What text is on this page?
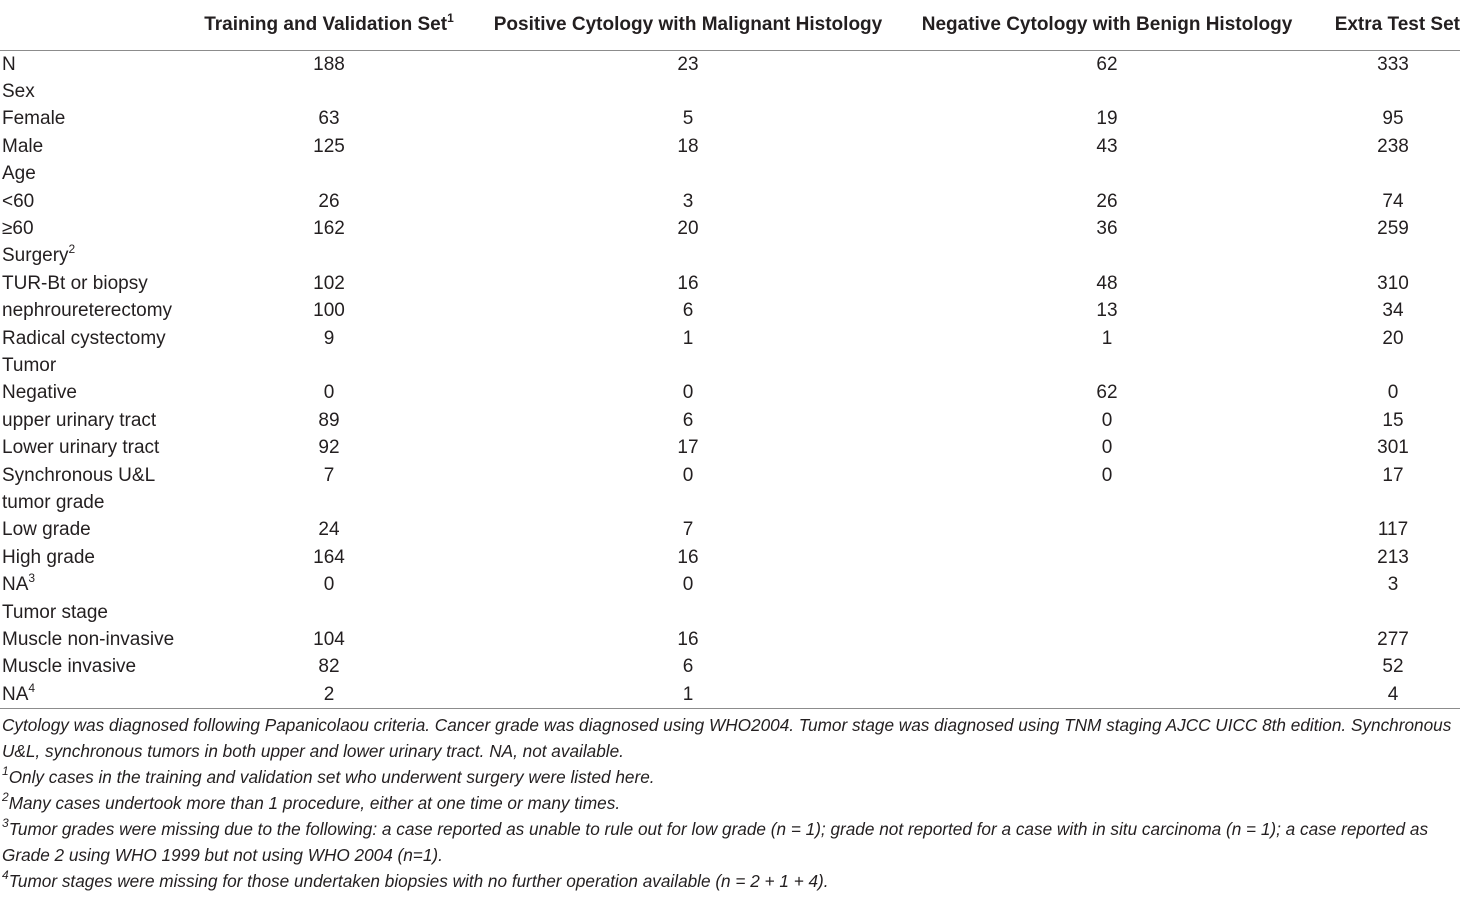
	Training and Validation Set$^1$	Positive Cytology with Malignant Histology	Negative Cytology with Benign Histology	Extra Test Set
N	188	23	62	333
Sex				
Female	63	5	19	95
Male	125	18	43	238
Age				
<60	26	3	26	74
≥60	162	20	36	259
Surgery$^2$				
TUR-Bt or biopsy	102	16	48	310
nephroureterectomy	100	6	13	34
Radical cystectomy	9	1	1	20
Tumor				
Negative	0	0	62	0
upper urinary tract	89	6	0	15
Lower urinary tract	92	17	0	301
Synchronous U&L	7	0	0	17
tumor grade				
Low grade	24	7		117
High grade	164	16		213
$NA^3$	0	0		3
Tumor stage				
Muscle non-invasive	104	16		277
Muscle invasive	82	6		52
$NA^4$	2	1		4

Cytology was diagnosed following Papanicolaou criteria. Cancer grade was diagnosed using WHO2004. Tumor stage was diagnosed using TNM staging AJCC UICC 8th edition. Synchronous U&L, synchronous tumors in both upper and lower urinary tract. NA, not available.

$^1$Only cases in the training and validation set who underwent surgery were listed here.

$^2$Many cases undertook more than 1 procedure, either at one time or many times.

$^3$Tumor grades were missing due to the following: a case reported as unable to rule out for low grade (n = 1); grade not reported for a case with in situ carcinoma (n = 1); a case reported as Grade 2 using WHO 1999 but not using WHO 2004 (n=1).

$^4$Tumor stages were missing for those undertaken biopsies with no further operation available (n = 2 + 1 + 4).
